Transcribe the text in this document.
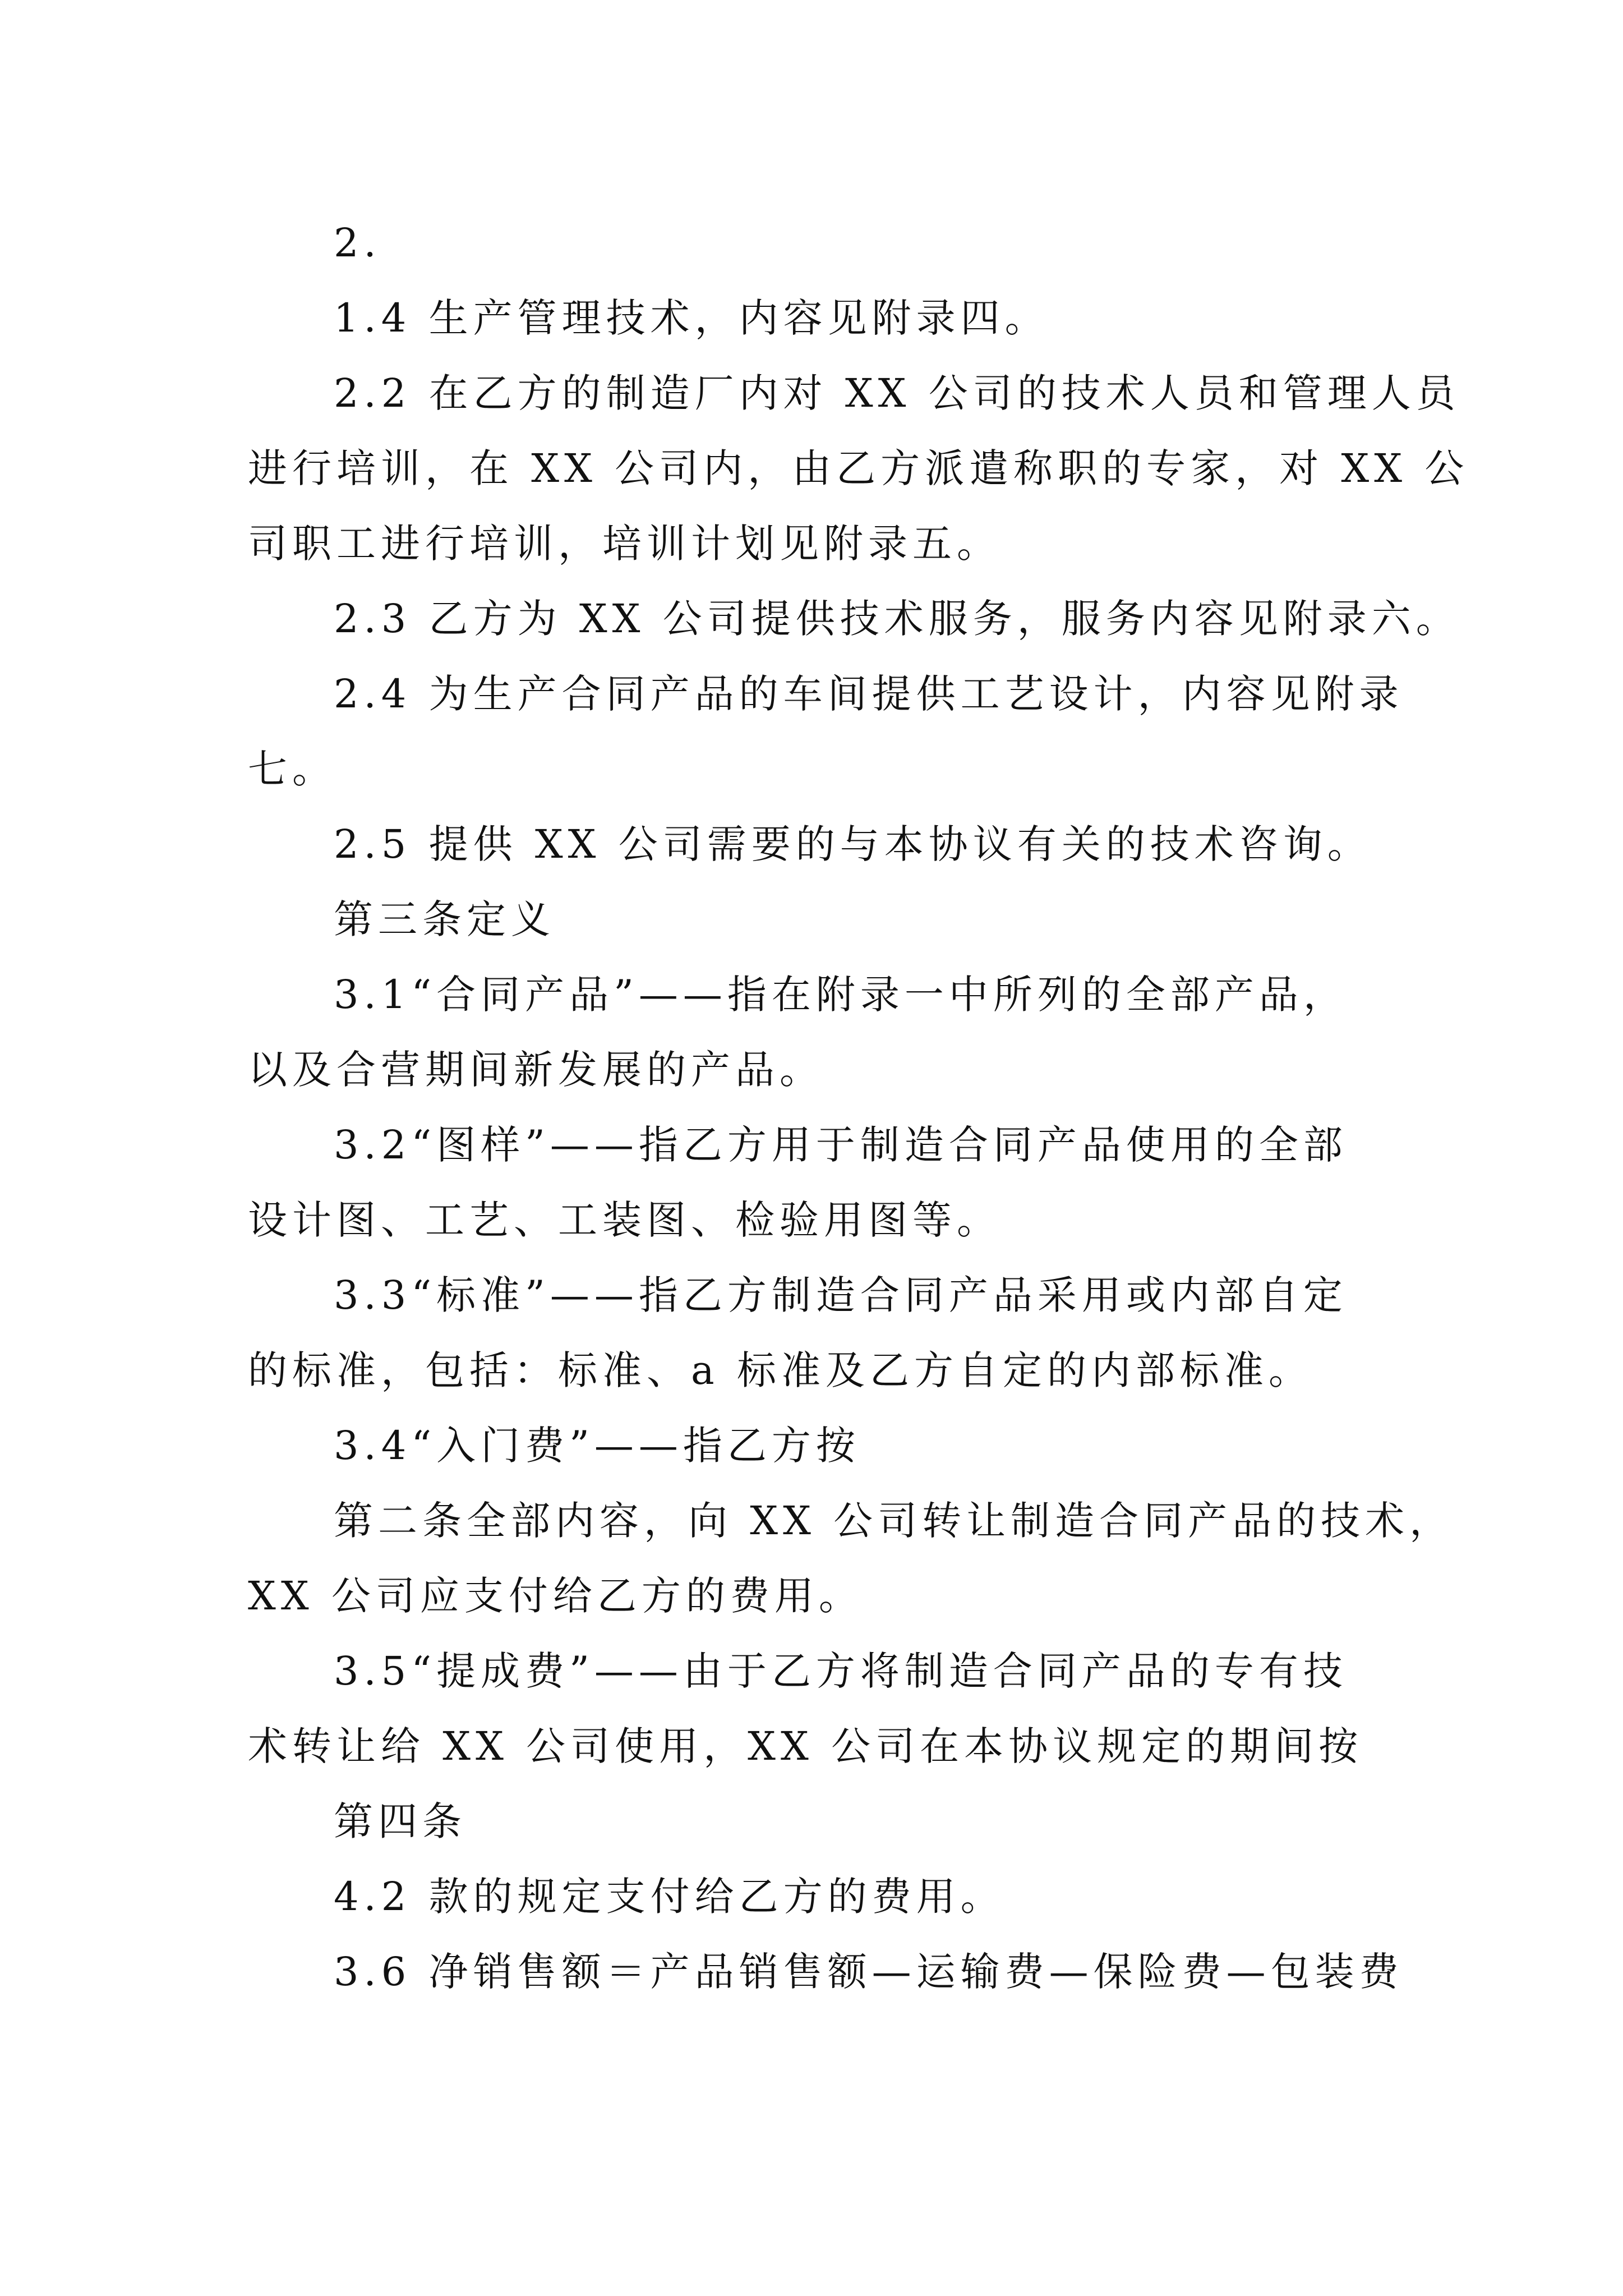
2.

1.4 生产管理技术，内容见附录四。

2.2 在乙方的制造厂内对 XX 公司的技术人员和管理人员

进行培训，在 XX 公司内，由乙方派遣称职的专家，对 XX 公

司职工进行培训，培训计划见附录五。

2.3 乙方为 XX 公司提供技术服务，服务内容见附录六。

2.4 为生产合同产品的车间提供工艺设计，内容见附录

七。

2.5 提供 XX 公司需要的与本协议有关的技术咨询。

第三条定义

3.1“合同产品”——指在附录一中所列的全部产品，

以及合营期间新发展的产品。

3.2“图样”——指乙方用于制造合同产品使用的全部

设计图、工艺、工装图、检验用图等。

3.3“标准”——指乙方制造合同产品采用或内部自定

的标准，包括：标准、a 标准及乙方自定的内部标准。

3.4“入门费”——指乙方按

第二条全部内容，向 XX 公司转让制造合同产品的技术，

XX 公司应支付给乙方的费用。

3.5“提成费”——由于乙方将制造合同产品的专有技

术转让给 XX 公司使用，XX 公司在本协议规定的期间按

第四条

4.2 款的规定支付给乙方的费用。

3.6 净销售额＝产品销售额—运输费—保险费—包装费
